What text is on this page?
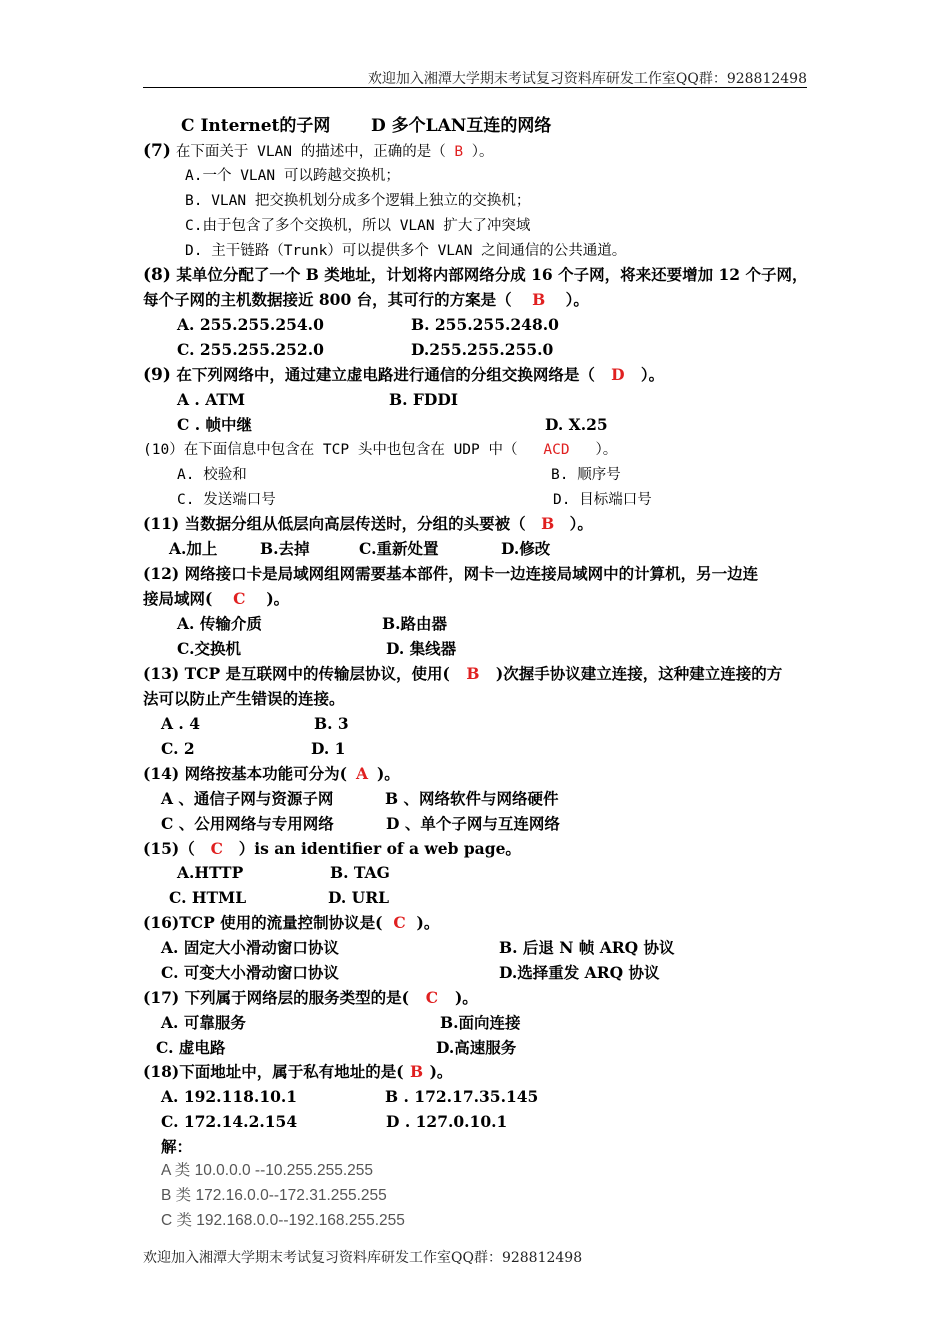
欢迎加入湘潭大学期末考试复习资料库研发工作室QQ群：928812498
C Internet的子网 D 多个LAN互连的网络
(7) 在下面关于 VLAN 的描述中，正确的是（ B ）。
A.一个 VLAN 可以跨越交换机；
B. VLAN 把交换机划分成多个逻辑上独立的交换机；
C.由于包含了多个交换机，所以 VLAN 扩大了冲突域
D. 主干链路（Trunk）可以提供多个 VLAN 之间通信的公共通道。
(8) 某单位分配了一个 B 类地址，计划将内部网络分成 16 个子网，将来还要增加 12 个子网，
每个子网的主机数据接近 800 台，其可行的方案是（ B ）。
A. 255.255.254.0	B. 255.255.248.0
C. 255.255.252.0	D.255.255.255.0
(9) 在下列网络中，通过建立虚电路进行通信的分组交换网络是（ D ）。
A . ATM	B. FDDI
C . 帧中继	D. X.25
(10）在下面信息中包含在 TCP 头中也包含在 UDP 中（ ACD ）。
A. 校验和	B. 顺序号
C. 发送端口号	D. 目标端口号
(11) 当数据分组从低层向高层传送时，分组的头要被（ B ）。
A.加上	B.去掉	C.重新处置	D.修改
(12) 网络接口卡是局域网组网需要基本部件，网卡一边连接局域网中的计算机，另一边连
接局域网( C )。
A. 传输介质	B.路由器
C.交换机	D. 集线器
(13) TCP 是互联网中的传输层协议，使用( B )次握手协议建立连接，这种建立连接的方
法可以防止产生错误的连接。
A . 4	B. 3
C. 2	D. 1
(14) 网络按基本功能可分为( A )。
A 、通信子网与资源子网	B 、网络软件与网络硬件
C 、公用网络与专用网络	D 、单个子网与互连网络
(15)（ C ）is an identifier of a web page。
A.HTTP	B. TAG
C. HTML	D. URL
(16)TCP 使用的流量控制协议是( C )。
A. 固定大小滑动窗口协议	B. 后退 N 帧 ARQ 协议
C. 可变大小滑动窗口协议	D.选择重发 ARQ 协议
(17) 下列属于网络层的服务类型的是( C )。
A. 可靠服务	B.面向连接
C. 虚电路	D.高速服务
(18)下面地址中，属于私有地址的是( B )。
A. 192.118.10.1	B . 172.17.35.145
C. 172.14.2.154	D . 127.0.10.1
解：
A 类 10.0.0.0 --10.255.255.255
B 类 172.16.0.0--172.31.255.255
C 类 192.168.0.0--192.168.255.255
欢迎加入湘潭大学期末考试复习资料库研发工作室QQ群：928812498
